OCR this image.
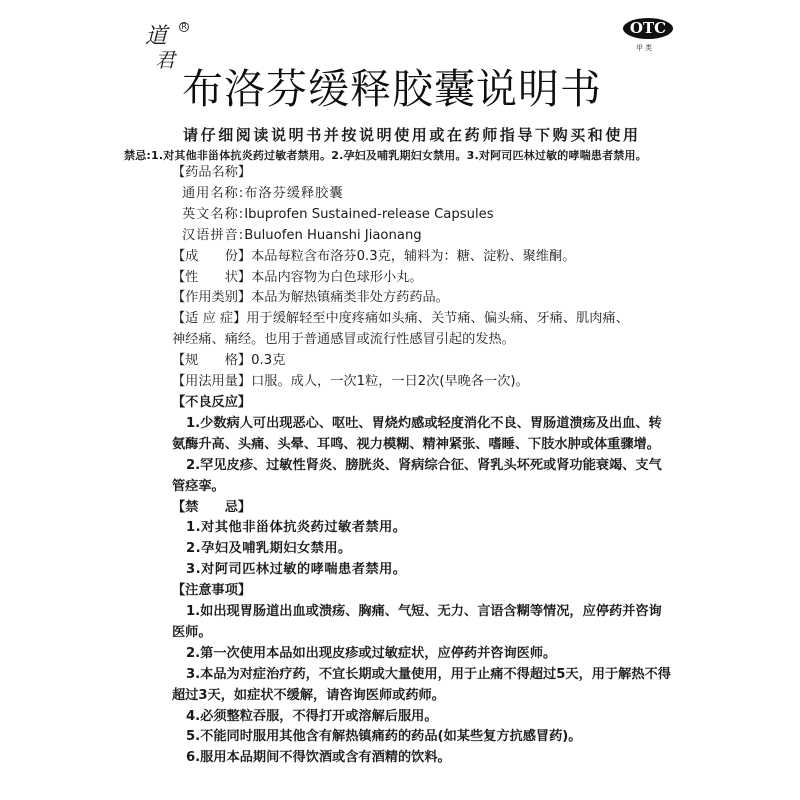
道
君
R	OTC
甲类
布洛芬缓释胶囊说明书
请仔细阅读说明书并按说明使用或在药师指导下购买和使用
禁忌:1.对其他非甾体抗炎药过敏者禁用。2.孕妇及哺乳期妇女禁用。3.对阿司匹林过敏的哮喘患者禁用。
【药品名称】
通用名称:布洛芬缓释胶囊
英文名称:Ibuprofen Sustained-release Capsules
汉语拼音:Buluofen Huanshi Jiaonang
【成　　份】本品每粒含布洛芬0.3克，辅料为：糖、淀粉、聚维酮。
【性　　状】本品内容物为白色球形小丸。
【作用类别】本品为解热镇痛类非处方药药品。
【适 应 症】用于缓解轻至中度疼痛如头痛、关节痛、偏头痛、牙痛、肌肉痛、
神经痛、痛经。也用于普通感冒或流行性感冒引起的发热。
【规　　格】0.3克
【用法用量】口服。成人，一次1粒，一日2次(早晚各一次)。
【不良反应】
1.少数病人可出现恶心、呕吐、胃烧灼感或轻度消化不良、胃肠道溃疡及出血、转氨酶升高、头痛、头晕、耳鸣、视力模糊、精神紧张、嗜睡、下肢水肿或体重骤增。
2.罕见皮疹、过敏性肾炎、膀胱炎、肾病综合征、肾乳头坏死或肾功能衰竭、支气管痉挛。
【禁　　忌】
1.对其他非甾体抗炎药过敏者禁用。
2.孕妇及哺乳期妇女禁用。
3.对阿司匹林过敏的哮喘患者禁用。
【注意事项】
1.如出现胃肠道出血或溃疡、胸痛、气短、无力、言语含糊等情况，应停药并咨询医师。
2.第一次使用本品如出现皮疹或过敏症状，应停药并咨询医师。
3.本品为对症治疗药，不宜长期或大量使用，用于止痛不得超过5天，用于解热不得超过3天，如症状不缓解，请咨询医师或药师。
4.必须整粒吞服，不得打开或溶解后服用。
5.不能同时服用其他含有解热镇痛药的药品(如某些复方抗感冒药)。
6.服用本品期间不得饮酒或含有酒精的饮料。
